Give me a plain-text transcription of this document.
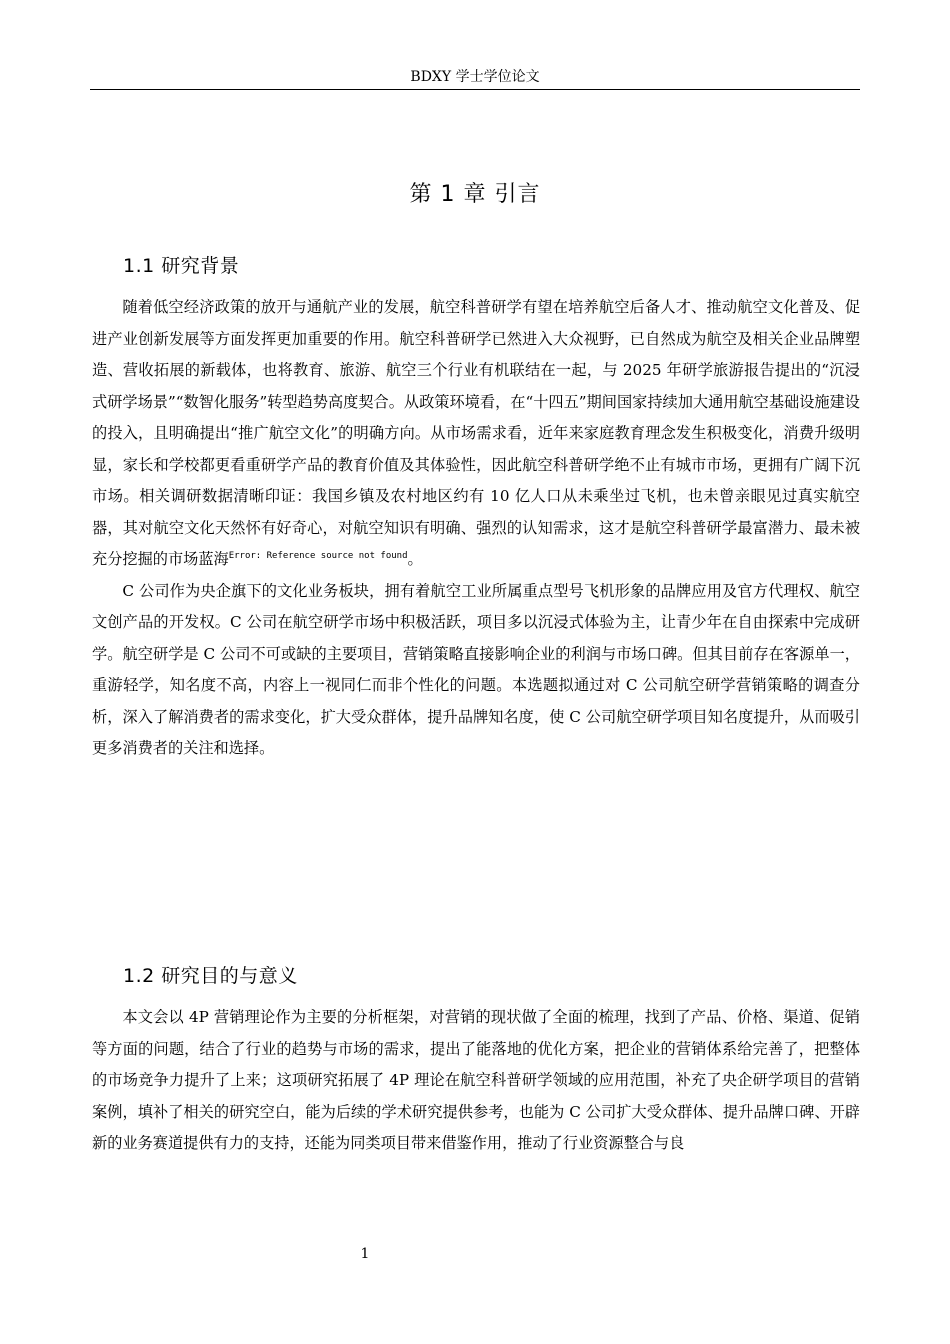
BDXY 学士学位论文
第 1 章 引言
1.1 研究背景

随着低空经济政策的放开与通航产业的发展，航空科普研学有望在培养航空后备人才、推动航空文化普及、促进产业创新发展等方面发挥更加重要的作用。航空科普研学已然进入大众视野，已自然成为航空及相关企业品牌塑造、营收拓展的新载体，也将教育、旅游、航空三个行业有机联结在一起，与 2025 年研学旅游报告提出的“沉浸式研学场景”“数智化服务”转型趋势高度契合。从政策环境看，在“十四五”期间国家持续加大通用航空基础设施建设的投入，且明确提出“推广航空文化”的明确方向。从市场需求看，近年来家庭教育理念发生积极变化，消费升级明显，家长和学校都更看重研学产品的教育价值及其体验性，因此航空科普研学绝不止有城市市场，更拥有广阔下沉市场。相关调研数据清晰印证：我国乡镇及农村地区约有 10 亿人口从未乘坐过飞机，也未曾亲眼见过真实航空器，其对航空文化天然怀有好奇心，对航空知识有明确、强烈的认知需求，这才是航空科普研学最富潜力、最未被充分挖掘的市场蓝海$^{Error: Reference source not found}$。

C 公司作为央企旗下的文化业务板块，拥有着航空工业所属重点型号飞机形象的品牌应用及官方代理权、航空文创产品的开发权。C 公司在航空研学市场中积极活跃，项目多以沉浸式体验为主，让青少年在自由探索中完成研学。航空研学是 C 公司不可或缺的主要项目，营销策略直接影响企业的利润与市场口碑。但其目前存在客源单一，重游轻学，知名度不高，内容上一视同仁而非个性化的问题。本选题拟通过对 C 公司航空研学营销策略的调查分析，深入了解消费者的需求变化，扩大受众群体，提升品牌知名度，使 C 公司航空研学项目知名度提升，从而吸引更多消费者的关注和选择。

1.2 研究目的与意义

本文会以 4P 营销理论作为主要的分析框架，对营销的现状做了全面的梳理，找到了产品、价格、渠道、促销等方面的问题，结合了行业的趋势与市场的需求，提出了能落地的优化方案，把企业的营销体系给完善了，把整体的市场竞争力提升了上来；这项研究拓展了 4P 理论在航空科普研学领域的应用范围，补充了央企研学项目的营销案例，填补了相关的研究空白，能为后续的学术研究提供参考，也能为 C 公司扩大受众群体、提升品牌口碑、开辟新的业务赛道提供有力的支持，还能为同类项目带来借鉴作用，推动了行业资源整合与良

1
